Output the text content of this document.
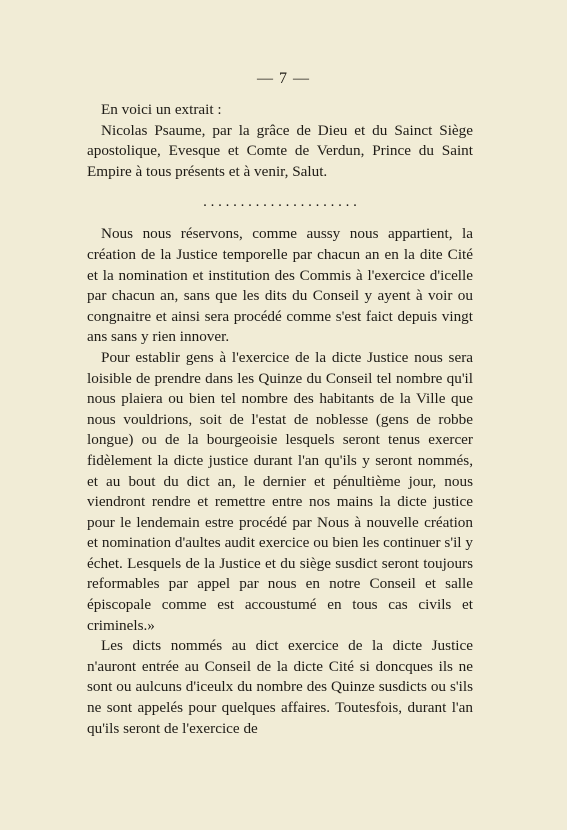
— 7 —

En voici un extrait :

Nicolas Psaume, par la grâce de Dieu et du Sainct Siège apostolique, Evesque et Comte de Verdun, Prince du Saint Empire à tous présents et à venir, Salut.

. . . . . . . . . . . . . . . . . . . . .

Nous nous réservons, comme aussy nous appartient, la création de la Justice temporelle par chacun an en la dite Cité et la nomination et institution des Commis à l'exercice d'icelle par chacun an, sans que les dits du Conseil y ayent à voir ou congnaitre et ainsi sera procédé comme s'est faict depuis vingt ans sans y rien innover.

Pour establir gens à l'exercice de la dicte Justice nous sera loisible de prendre dans les Quinze du Conseil tel nombre qu'il nous plaiera ou bien tel nombre des habitants de la Ville que nous vouldrions, soit de l'estat de noblesse (gens de robbe longue) ou de la bourgeoisie lesquels seront tenus exercer fidèlement la dicte justice durant l'an qu'ils y seront nommés, et au bout du dict an, le dernier et pénultième jour, nous viendront rendre et remettre entre nos mains la dicte justice pour le lendemain estre procédé par Nous à nouvelle création et nomination d'aultes audit exercice ou bien les continuer s'il y échet. Lesquels de la Justice et du siège susdict seront toujours reformables par appel par nous en notre Conseil et salle épiscopale comme est accoustumé en tous cas civils et criminels.»

Les dicts nommés au dict exercice de la dicte Justice n'auront entrée au Conseil de la dicte Cité si doncques ils ne sont ou aulcuns d'iceulx du nombre des Quinze susdicts ou s'ils ne sont appelés pour quelques affaires. Toutesfois, durant l'an qu'ils seront de l'exercice de
